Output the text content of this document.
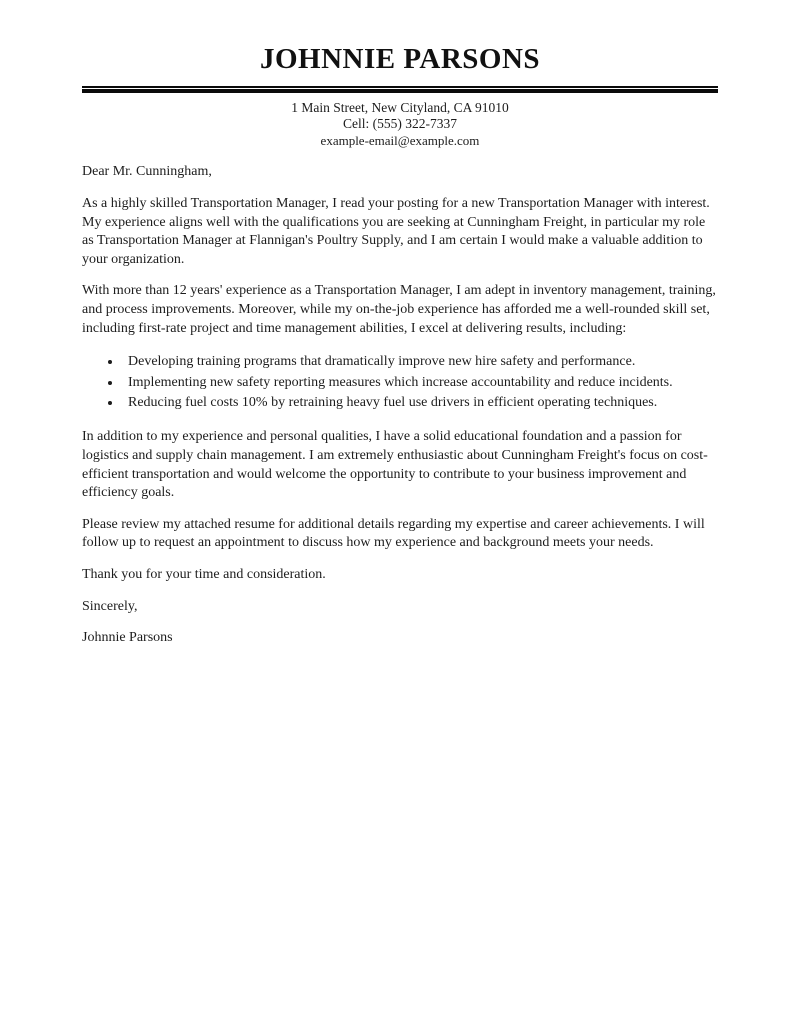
JOHNNIE PARSONS
1 Main Street, New Cityland, CA 91010
Cell: (555) 322-7337
example-email@example.com

Dear Mr. Cunningham,

As a highly skilled Transportation Manager, I read your posting for a new Transportation Manager with interest. My experience aligns well with the qualifications you are seeking at Cunningham Freight, in particular my role as Transportation Manager at Flannigan's Poultry Supply, and I am certain I would make a valuable addition to your organization.

With more than 12 years' experience as a Transportation Manager, I am adept in inventory management, training, and process improvements. Moreover, while my on-the-job experience has afforded me a well-rounded skill set, including first-rate project and time management abilities, I excel at delivering results, including:

• Developing training programs that dramatically improve new hire safety and performance.
• Implementing new safety reporting measures which increase accountability and reduce incidents.
• Reducing fuel costs 10% by retraining heavy fuel use drivers in efficient operating techniques.

In addition to my experience and personal qualities, I have a solid educational foundation and a passion for logistics and supply chain management. I am extremely enthusiastic about Cunningham Freight's focus on cost-efficient transportation and would welcome the opportunity to contribute to your business improvement and efficiency goals.

Please review my attached resume for additional details regarding my expertise and career achievements. I will follow up to request an appointment to discuss how my experience and background meets your needs.

Thank you for your time and consideration.

Sincerely,

Johnnie Parsons
